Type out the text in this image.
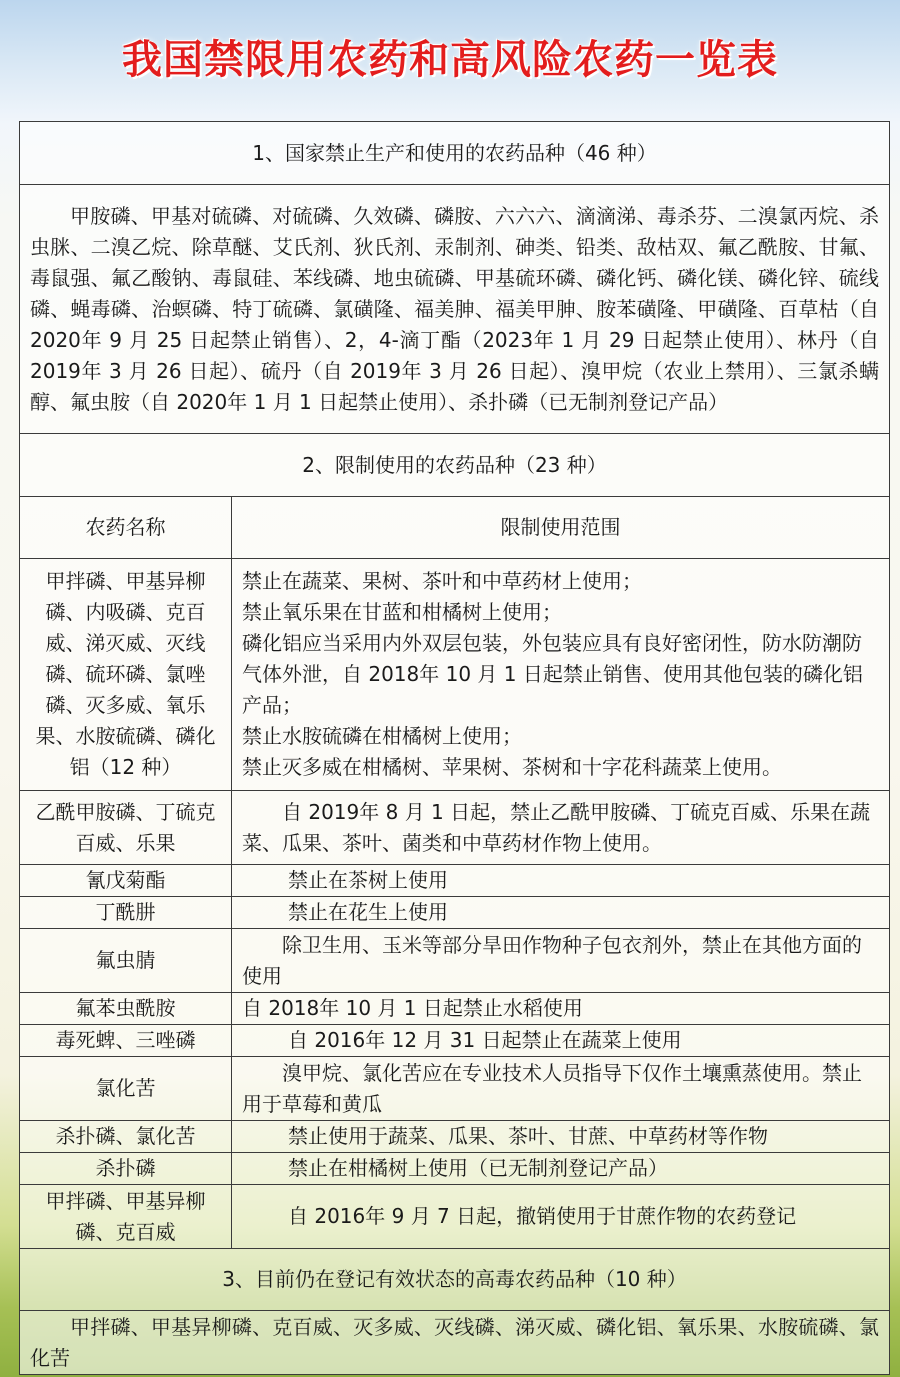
我国禁限用农药和高风险农药一览表
1、国家禁止生产和使用的农药品种（46 种）	
甲胺磷、甲基对硫磷、对硫磷、久效磷、磷胺、六六六、滴滴涕、毒杀芬、二溴氯丙烷、杀虫脒、二溴乙烷、除草醚、艾氏剂、狄氏剂、汞制剂、砷类、铅类、敌枯双、氟乙酰胺、甘氟、毒鼠强、氟乙酸钠、毒鼠硅、苯线磷、地虫硫磷、甲基硫环磷、磷化钙、磷化镁、磷化锌、硫线磷、蝇毒磷、治螟磷、特丁硫磷、氯磺隆、福美胂、福美甲胂、胺苯磺隆、甲磺隆、百草枯（自 2020年 9 月 25 日起禁止销售）、2，4-滴丁酯（2023年 1 月 29 日起禁止使用）、林丹（自 2019年 3 月 26 日起）、硫丹（自 2019年 3 月 26 日起）、溴甲烷（农业上禁用）、三氯杀螨醇、氟虫胺（自 2020年 1 月 1 日起禁止使用）、杀扑磷（已无制剂登记产品）	
2、限制使用的农药品种（23 种）	
农药名称	限制使用范围
甲拌磷、甲基异柳磷、内吸磷、克百威、涕灭威、灭线磷、硫环磷、氯唑磷、灭多威、氧乐果、水胺硫磷、磷化铝（12 种）	禁止在蔬菜、果树、茶叶和中草药材上使用；
禁止氧乐果在甘蓝和柑橘树上使用；
磷化铝应当采用内外双层包装，外包装应具有良好密闭性，防水防潮防气体外泄，自 2018年 10 月 1 日起禁止销售、使用其他包装的磷化铝产品；
禁止水胺硫磷在柑橘树上使用；
禁止灭多威在柑橘树、苹果树、茶树和十字花科蔬菜上使用。

乙酰甲胺磷、丁硫克百威、乐果	自 2019年 8 月 1 日起，禁止乙酰甲胺磷、丁硫克百威、乐果在蔬菜、瓜果、茶叶、菌类和中草药材作物上使用。
氰戊菊酯	禁止在茶树上使用
丁酰肼	禁止在花生上使用
氟虫腈	除卫生用、玉米等部分旱田作物种子包衣剂外，禁止在其他方面的使用
氟苯虫酰胺	自 2018年 10 月 1 日起禁止水稻使用
毒死蜱、三唑磷	自 2016年 12 月 31 日起禁止在蔬菜上使用
氯化苦	溴甲烷、氯化苦应在专业技术人员指导下仅作土壤熏蒸使用。禁止用于草莓和黄瓜
杀扑磷、氯化苦	禁止使用于蔬菜、瓜果、茶叶、甘蔗、中草药材等作物
杀扑磷	禁止在柑橘树上使用（已无制剂登记产品）
甲拌磷、甲基异柳磷、克百威	自 2016年 9 月 7 日起，撤销使用于甘蔗作物的农药登记
3、目前仍在登记有效状态的高毒农药品种（10 种）	
甲拌磷、甲基异柳磷、克百威、灭多威、灭线磷、涕灭威、磷化铝、氧乐果、水胺硫磷、氯化苦	
